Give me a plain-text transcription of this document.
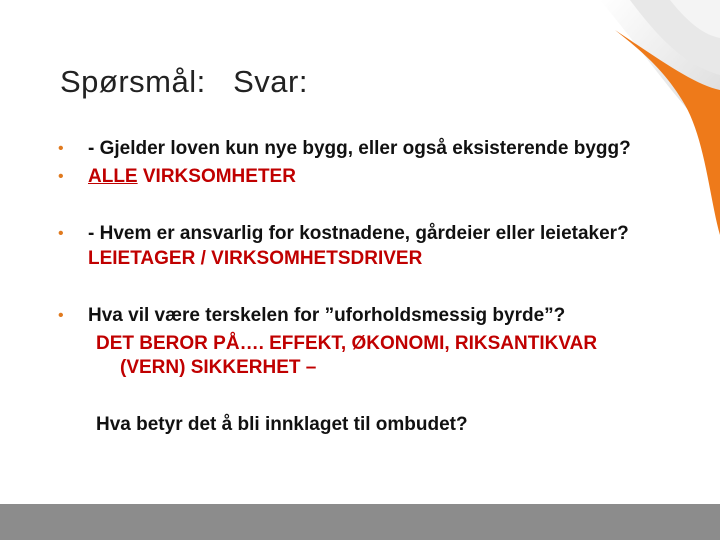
Spørsmål:   Svar:
• - Gjelder loven kun nye bygg, eller også eksisterende bygg?
• ALLE VIRKSOMHETER
• - Hvem er ansvarlig for kostnadene, gårdeier eller leietaker?
LEIETAGER / VIRKSOMHETSDRIVER
• Hva vil være terskelen for ”uforholdsmessig byrde”?
DET BEROR PÅ…. EFFEKT, ØKONOMI, RIKSANTIKVAR
(VERN) SIKKERHET –
Hva betyr det å bli innklaget til ombudet?
